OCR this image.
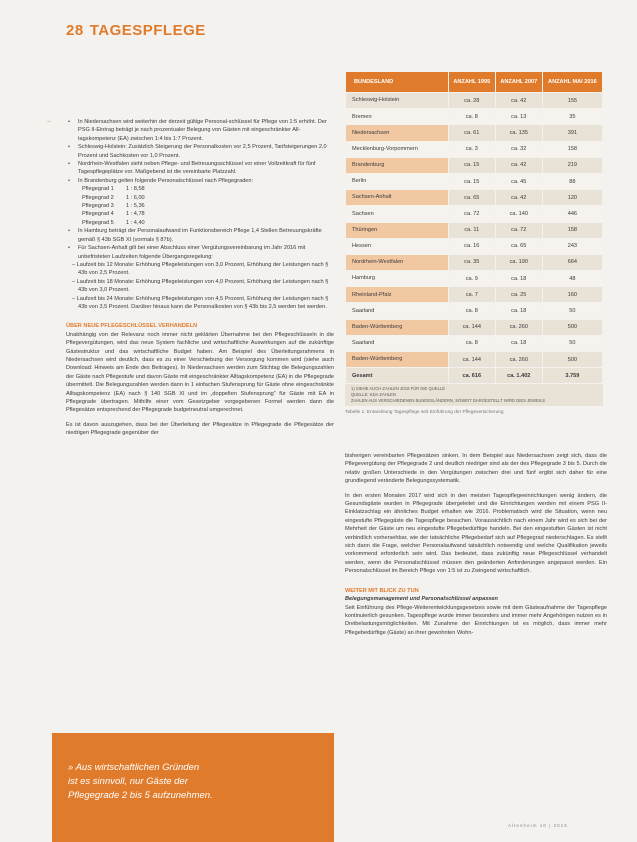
28 TAGESPFLEGE
→	• In Niedersachsen wird weiterhin der derzeit gültige Personal-schlüssel für Pflege von 1:5 erhöht. Der PSG II-Eintrag beträgt je nach prozentualer Belegung von Gästen mit eingeschränkter All-tagskompetenz (EA) zwischen 1:4 bis 1:7 Prozent.
• Schleswig-Holstein: Zusätzlich Steigerung der Personalkosten vor 2,5 Prozent, Tarifsteigerungen 2,0 Prozent und Sachkosten vor 1,0 Prozent.
• Nordrhein-Westfalen sieht neben Pflege- und Betreuungsschlüssel vor einer Vollzeitkraft für fünf Tagespflegeplätze vor. Maßgebend ist die vereinbarte Platzzahl.
• In Brandenburg gelten folgende Personalschlüssel nach Pflegegraden:
Pflegegrad 1	1 : 8,58
Pflegegrad 2	1 : 6,00
Pflegegrad 3	1 : 5,36
Pflegegrad 4	1 : 4,78
Pflegegrad 5	1 : 4,40
• In Hamburg beträgt der Personalaufwand im Funktionsbereich Pflege 1,4 Stellen Betreuungskräfte gemäß § 43b SGB XI (vormals § 87b).
• Für Sachsen-Anhalt gilt bei einer Abschluss einer Vergütungsvereinbarung im Jahr 2016 mit unbefristeten Laufzeiten folgende Übergangsregelung:

– Laufzeit bis 12 Monate: Erhöhung Pflegeleistungen von 3,0 Prozent, Erhöhung der Leistungen nach § 43b von 2,5 Prozent.

– Laufzeit bis 18 Monate: Erhöhung Pflegeleistungen von 4,0 Prozent, Erhöhung der Leistungen nach § 43b von 3,0 Prozent.

– Laufzeit bis 24 Monate: Erhöhung Pflegeleistungen von 4,5 Prozent, Erhöhung der Leistungen nach § 43b von 3,5 Prozent. Darüber hinaus kann die Personalkosten von § 43b bis 2,5 werden bei werden.

ÜBER NEUE PFLEGESCHLÜSSEL VERHANDELN

Unabhängig von der Relevanz noch immer nicht geklärten Übernahme bei den Pflegeschlüsseln in die Pflegevergütungen, wird das neue System fachliche und wirtschaftliche Auswirkungen auf die zukünftige Gästestruktur und das wirtschaftliche Budget haben. Am Beispiel des Überleitungsrahmens in Niedersachsen wird deutlich, dass es zu einer Verschiebung der Versorgung kommen wird (siehe auch Download: Hinweis am Ende des Beitrages). In Niedersachsen werden zum Stichtag die Belegungszahlen der Gäste nach Pflegestufe und davon Gäste mit eingeschränkter Alltagskompetenz (EA) in die Pflegegrade übermittelt. Die Belegungszahlen werden dann in 1 einfachen Stufensprung für Gäste ohne eingeschränkte Alltagskompetenz (EA) nach § 140 SGB XI und im „doppelten Stufensprung“ für Gäste mit EA in Pflegegrade übertragen. Mithilfe einer vom Gesetzgeber vorgegebenen Formel werden dann die Pflegesätze entsprechend der Pflegegrade budgetneutral umgerechnet.

Es ist davon auszugehen, dass bei der Überleitung der Pflegesätze in Pflegegrade die Pflegesätze der niedrigen Pflegegrade gegenüber der

» Aus wirtschaftlichen Gründen
ist es sinnvoll, nur Gäste der
Pflegegrade 2 bis 5 aufzunehmen.
BUNDESLAND	ANZAHL 1995	ANZAHL 2007	ANZAHL MAI 2016
Schleswig-Holstein	ca. 28	ca. 42	155
Bremen	ca. 8	ca. 13	35
Niedersachsen	ca. 61	ca. 135	391
Mecklenburg-Vorpommern	ca. 3	ca. 32	158
Brandenburg	ca. 15	ca. 42	219
Berlin	ca. 15	ca. 45	88
Sachsen-Anhalt	ca. 65	ca. 42	120
Sachsen	ca. 72	ca. 140	446
Thüringen	ca. 11	ca. 72	158
Hessen	ca. 16	ca. 65	243
Nordrhein-Westfalen	ca. 35	ca. 190	664
Hamburg	ca. 9	ca. 18	48
Rheinland-Pfalz	ca. 7	ca. 25	160
Saarland	ca. 8	ca. 18	50
Baden-Württemberg	ca. 144	ca. 260	500
Saarland	ca. 8	ca. 18	50
Baden-Württemberg	ca. 144	ca. 260	500
Gesamt	ca. 616	ca. 1.402	3.759
1) SIEHE AUCH ZAHLEN 2016 FÜR DIE QUELLE
QUELLE: KDA ZAHLEN
ZAHLEN AUS VERSCHIEDENEN BUNDESLÄNDERN, SOWEIT DARGESTELLT WIRD DIES JEWEILS
Tabelle 1: Entwicklung Tagespflege seit Einführung der Pflegeversicherung

bisherigen vereinbarten Pflegesätzen sinken. In dem Beispiel aus Niedersachsen zeigt sich, dass die Pflegevergütung der Pflegegrade 2 und deutlich niedriger sind als der des Pflegegrade 3 bis 5. Durch die relativ großen Unterschiede in den Vergütungen zwischen drei und fünf ergibt sich daher für eine grundlegend veränderte Belegungssystematik.

In den ersten Monaten 2017 wird sich in den meisten Tagespflegeeinrichtungen wenig ändern, die Gesundsgäste wurden in Pflegegrade übergeleitet und die Einrichtungen werden mit einem PSG II-Einklatzschlag ein ähnliches Budget erhalten wie 2016. Problematisch wird die Situation, wenn neu eingestufte Pflegegäste die Tagespflege besuchen. Voraussichtlich nach einem Jahr wird es sich bei der Mehrheit der Gäste um neu eingestufte Pflegebedürftige handeln. Bei den eingestuften Gästen ist nicht verbindlich vorhersehbar, wie der tatsächliche Pflegebedarf sich auf Pflegegrad niederschlagen. Es stellt sich dann die Frage, welcher Personalaufwand tatsächlich notwendig und welche Qualifikation jeweils vorkommend erforderlich sein wird. Das bedeutet, dass zukünftig neue Pflegeschlüssel verhandelt werden, wenn die Personalschlüssel müssen den geänderten Anforderungen angepasst werden. Ein Personalschlüssel im Bereich Pflege von 1:5 ist zu Zwingend wirtschaftlich.

WEITER MIT BLICK ZU TUN
Belegungsmanagement und Personalschlüssel anpassen

Seit Einführung des Pflege-Weiterentwicklungsgesetzes sowie mit dem Gästeaufnahme der Tagespflege kontinuierlich gesunken. Tagespflege wurde immer besonders und immer mehr Angehörigen nutzen es in Dreibelastungsmöglichkeiten. Mit Zunahme der Einrichtungen ist es möglich, dass immer mehr Pflegebedürftige (Gäste) an ihrer gewohnten Wohn-

Altenheim 10 | 2016
